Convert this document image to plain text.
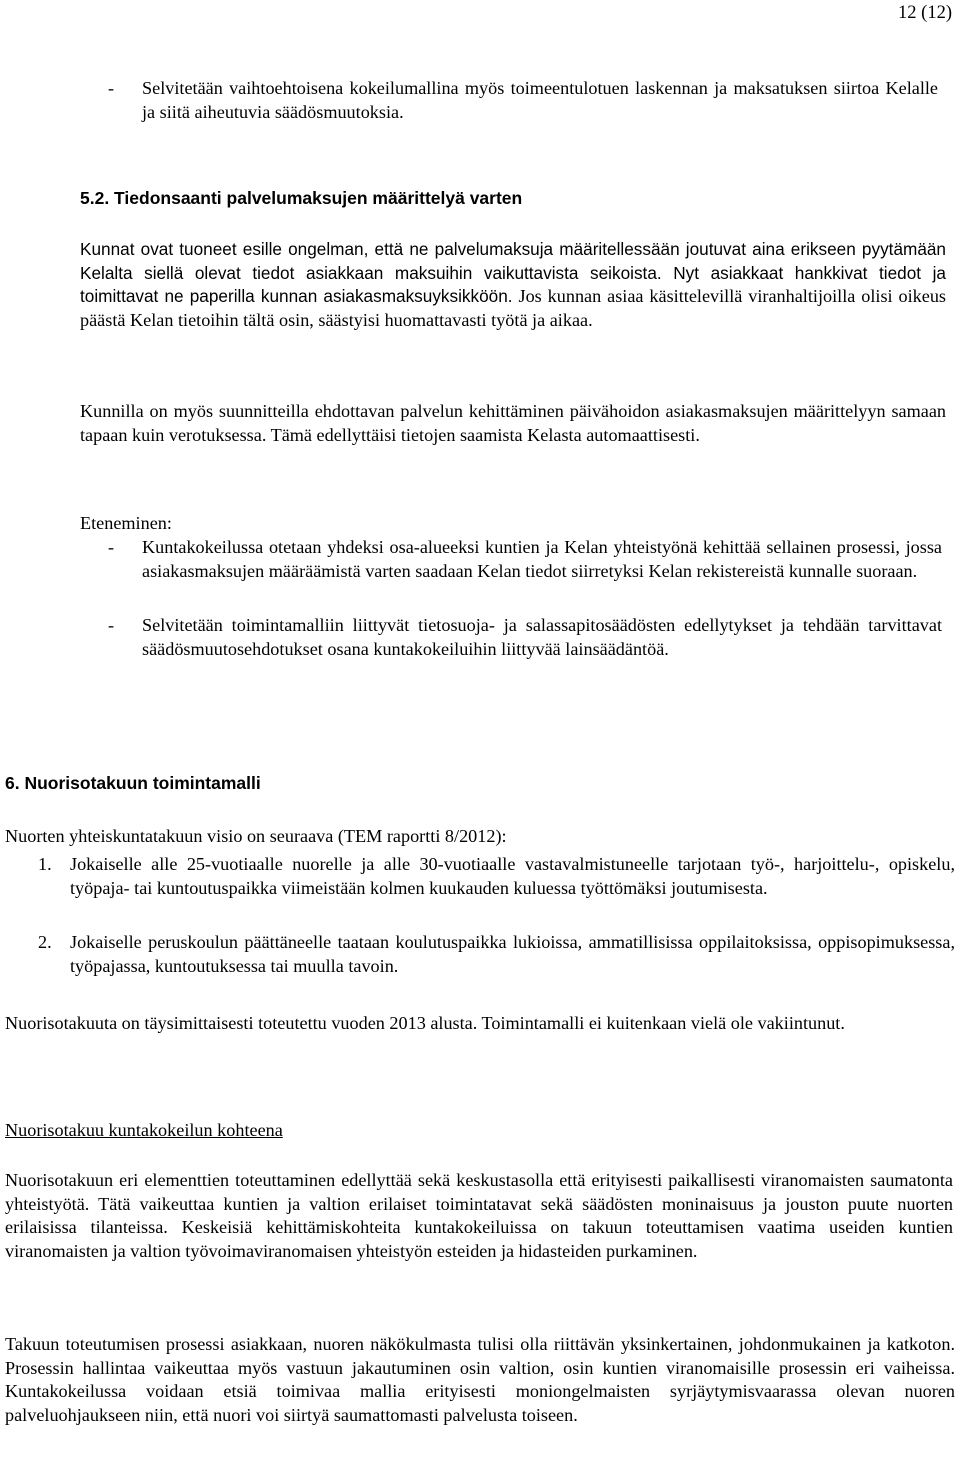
12 (12)
- Selvitetään vaihtoehtoisena kokeilumallina myös toimeentulotuen laskennan ja maksatuksen siirtoa Kelalle ja siitä aiheutuvia säädösmuutoksia.
5.2. Tiedonsaanti palvelumaksujen määrittelyä varten
Kunnat ovat tuoneet esille ongelman, että ne palvelumaksuja määritellessään joutuvat aina erikseen pyytämään Kelalta siellä olevat tiedot asiakkaan maksuihin vaikuttavista seikoista. Nyt asiakkaat hankkivat tiedot ja toimittavat ne paperilla kunnan asiakasmaksuyksikköön. Jos kunnan asiaa käsittelevillä viranhaltijoilla olisi oikeus päästä Kelan tietoihin tältä osin, säästyisi huomattavasti työtä ja aikaa.
Kunnilla on myös suunnitteilla ehdottavan palvelun kehittäminen päivähoidon asiakasmaksujen määrittelyyn samaan tapaan kuin verotuksessa. Tämä edellyttäisi tietojen saamista Kelasta automaattisesti.
Eteneminen:
- Kuntakokeilussa otetaan yhdeksi osa-alueeksi kuntien ja Kelan yhteistyönä kehittää sellainen prosessi, jossa asiakasmaksujen määräämistä varten saadaan Kelan tiedot siirretyksi Kelan rekistereistä kunnalle suoraan.
- Selvitetään toimintamalliin liittyvät tietosuoja- ja salassapitosäädösten edellytykset ja tehdään tarvittavat säädösmuutosehdotukset osana kuntakokeiluihin liittyvää lainsäädäntöä.
6. Nuorisotakuun toimintamalli
Nuorten yhteiskuntatakuun visio on seuraava (TEM raportti 8/2012):
1. Jokaiselle alle 25-vuotiaalle nuorelle ja alle 30-vuotiaalle vastavalmistuneelle tarjotaan työ-, harjoittelu-, opiskelu, työpaja- tai kuntoutuspaikka viimeistään kolmen kuukauden kuluessa työttömäksi joutumisesta.
2. Jokaiselle peruskoulun päättäneelle taataan koulutuspaikka lukioissa, ammatillisissa oppilaitoksissa, oppisopimuksessa, työpajassa, kuntoutuksessa tai muulla tavoin.
Nuorisotakuuta on täysimittaisesti toteutettu vuoden 2013 alusta. Toimintamalli ei kuitenkaan vielä ole vakiintunut.
Nuorisotakuu kuntakokeilun kohteena
Nuorisotakuun eri elementtien toteuttaminen edellyttää sekä keskustasolla että erityisesti paikallisesti viranomaisten saumatonta yhteistyötä. Tätä vaikeuttaa kuntien ja valtion erilaiset toimintatavat sekä säädösten moninaisuus ja jouston puute nuorten erilaisissa tilanteissa. Keskeisiä kehittämiskohteita kuntakokeiluissa on takuun toteuttamisen vaatima useiden kuntien viranomaisten ja valtion työvoimaviranomaisen yhteistyön esteiden ja hidasteiden purkaminen.
Takuun toteutumisen prosessi asiakkaan, nuoren näkökulmasta tulisi olla riittävän yksinkertainen, johdonmukainen ja katkoton. Prosessin hallintaa vaikeuttaa myös vastuun jakautuminen osin valtion, osin kuntien viranomaisille prosessin eri vaiheissa. Kuntakokeilussa voidaan etsiä toimivaa mallia erityisesti moniongelmaisten syrjäytymisvaarassa olevan nuoren palveluohjaukseen niin, että nuori voi siirtyä saumattomasti palvelusta toiseen.
